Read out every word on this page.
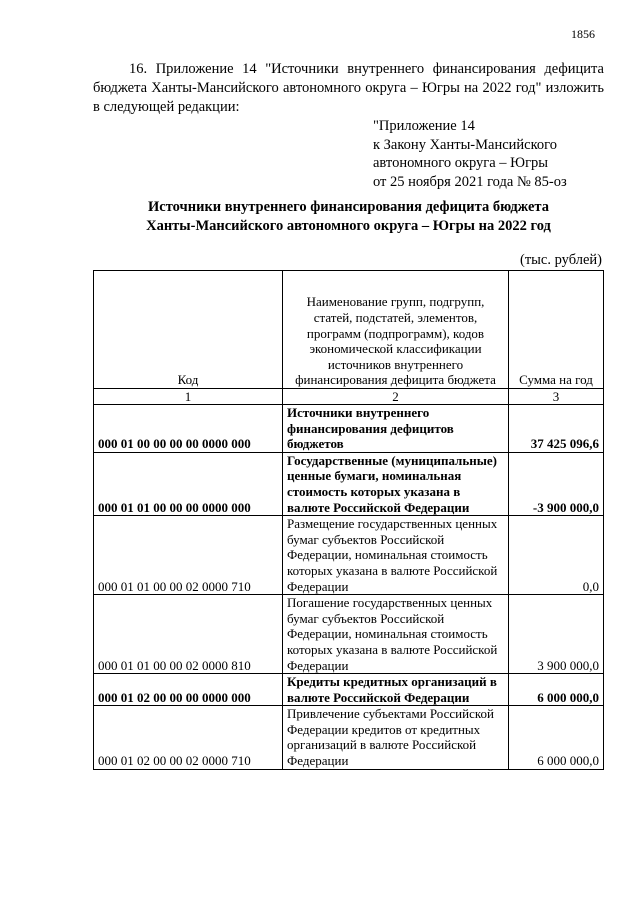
1856

16. Приложение 14 "Источники внутреннего финансирования дефицита бюджета Ханты-Мансийского автономного округа – Югры на 2022 год" изложить в следующей редакции:

"Приложение 14
к Закону Ханты-Мансийского
автономного округа – Югры
от 25 ноября 2021 года № 85-оз
Источники внутреннего финансирования дефицита бюджета
Ханты-Мансийского автономного округа – Югры на 2022 год
(тыс. рублей)
Код	Наименование групп, подгрупп, статей, подстатей, элементов, программ (подпрограмм), кодов экономической классификации источников внутреннего финансирования дефицита бюджета	Сумма на год
1	2	3
000 01 00 00 00 00 0000 000	Источники внутреннего финансирования дефицитов бюджетов	37 425 096,6
000 01 01 00 00 00 0000 000	Государственные (муниципальные) ценные бумаги, номинальная стоимость которых указана в валюте Российской Федерации	-3 900 000,0
000 01 01 00 00 02 0000 710	Размещение государственных ценных бумаг субъектов Российской Федерации, номинальная стоимость которых указана в валюте Российской Федерации	0,0
000 01 01 00 00 02 0000 810	Погашение государственных ценных бумаг субъектов Российской Федерации, номинальная стоимость которых указана в валюте Российской Федерации	3 900 000,0
000 01 02 00 00 00 0000 000	Кредиты кредитных организаций в валюте Российской Федерации	6 000 000,0
000 01 02 00 00 02 0000 710	Привлечение субъектами Российской Федерации кредитов от кредитных организаций в валюте Российской Федерации	6 000 000,0
